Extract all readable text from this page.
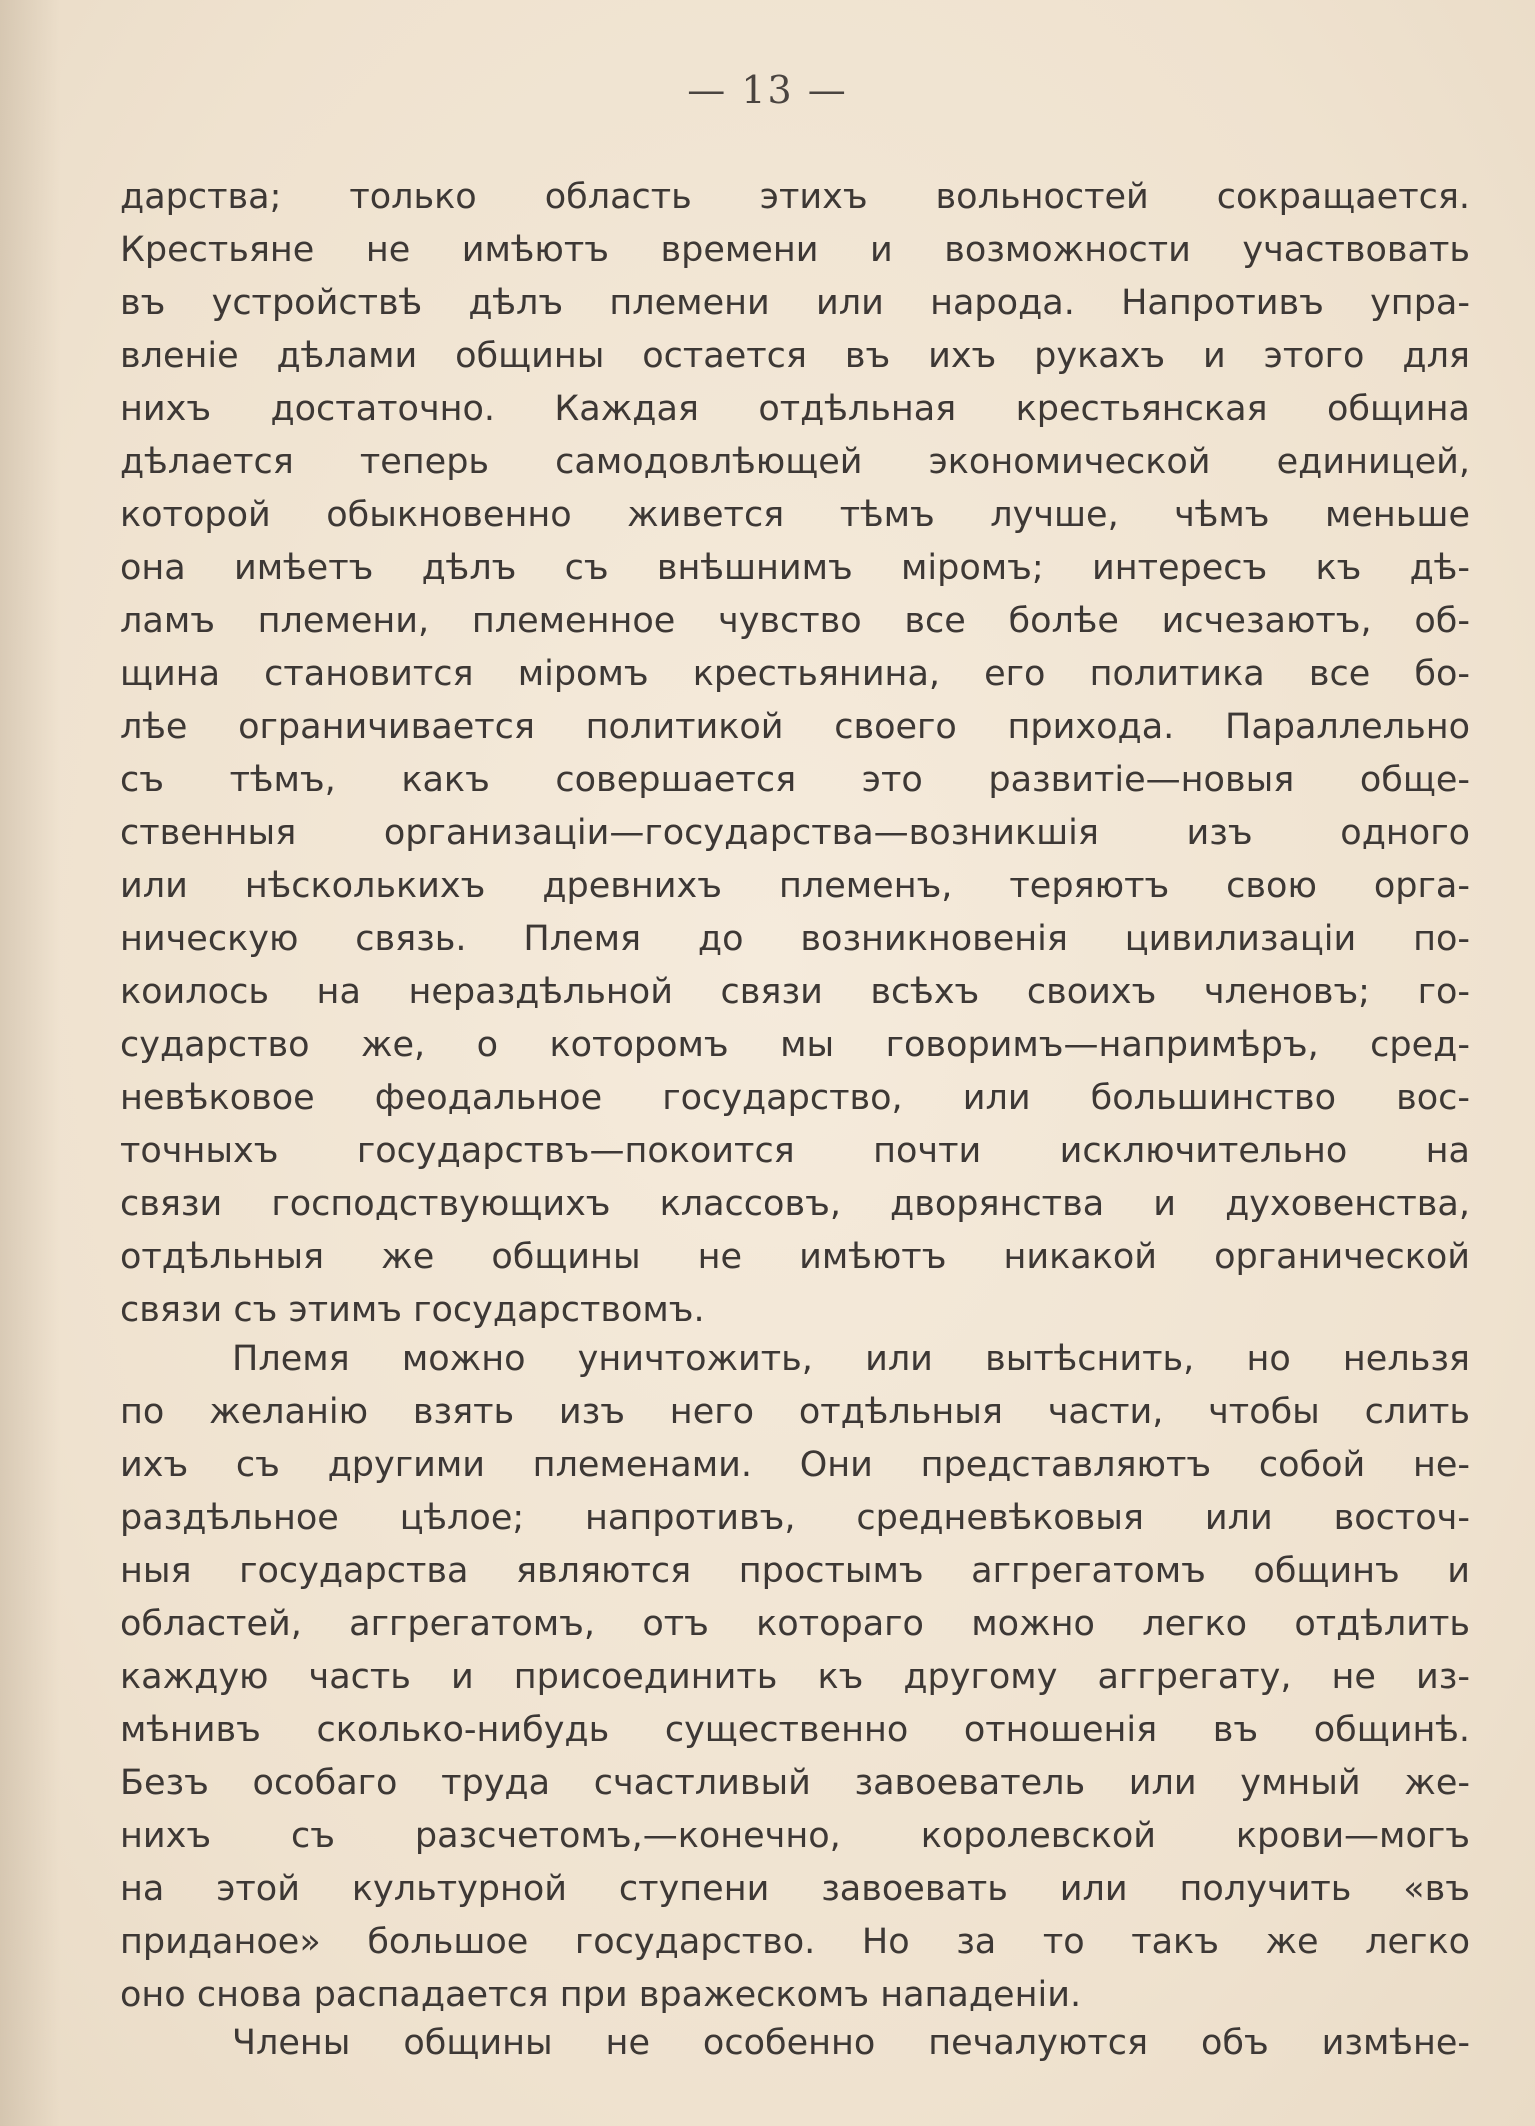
— 13 —
дарства; только область этихъ вольностей сокращается.
Крестьяне не имѣютъ времени и возможности участвовать
въ устройствѣ дѣлъ племени или народа. Напротивъ упра-
вленіе дѣлами общины остается въ ихъ рукахъ и этого для
нихъ достаточно. Каждая отдѣльная крестьянская община
дѣлается теперь самодовлѣющей экономической единицей,
которой обыкновенно живется тѣмъ лучше, чѣмъ меньше
она имѣетъ дѣлъ съ внѣшнимъ міромъ; интересъ къ дѣ-
ламъ племени, племенное чувство все болѣе исчезаютъ, об-
щина становится міромъ крестьянина, его политика все бо-
лѣе ограничивается политикой своего прихода. Параллельно
съ тѣмъ, какъ совершается это развитіе—новыя обще-
ственныя организаціи—государства—возникшія изъ одного
или нѣсколькихъ древнихъ племенъ, теряютъ свою орга-
ническую связь. Племя до возникновенія цивилизаціи по-
коилось на нераздѣльной связи всѣхъ своихъ членовъ; го-
сударство же, о которомъ мы говоримъ—напримѣръ, сред-
невѣковое феодальное государство, или большинство вос-
точныхъ государствъ—покоится почти исключительно на
связи господствующихъ классовъ, дворянства и духовенства,
отдѣльныя же общины не имѣютъ никакой органической
связи съ этимъ государствомъ.
Племя можно уничтожить, или вытѣснить, но нельзя
по желанію взять изъ него отдѣльныя части, чтобы слить
ихъ съ другими племенами. Они представляютъ собой не-
раздѣльное цѣлое; напротивъ, средневѣковыя или восточ-
ныя государства являются простымъ аггрегатомъ общинъ и
областей, аггрегатомъ, отъ котораго можно легко отдѣлить
каждую часть и присоединить къ другому аггрегату, не из-
мѣнивъ сколько-нибудь существенно отношенія въ общинѣ.
Безъ особаго труда счастливый завоеватель или умный же-
нихъ съ разсчетомъ,—конечно, королевской крови—могъ
на этой культурной ступени завоевать или получить «въ
приданое» большое государство. Но за то такъ же легко
оно снова распадается при вражескомъ нападеніи.
Члены общины не особенно печалуются объ измѣне-
